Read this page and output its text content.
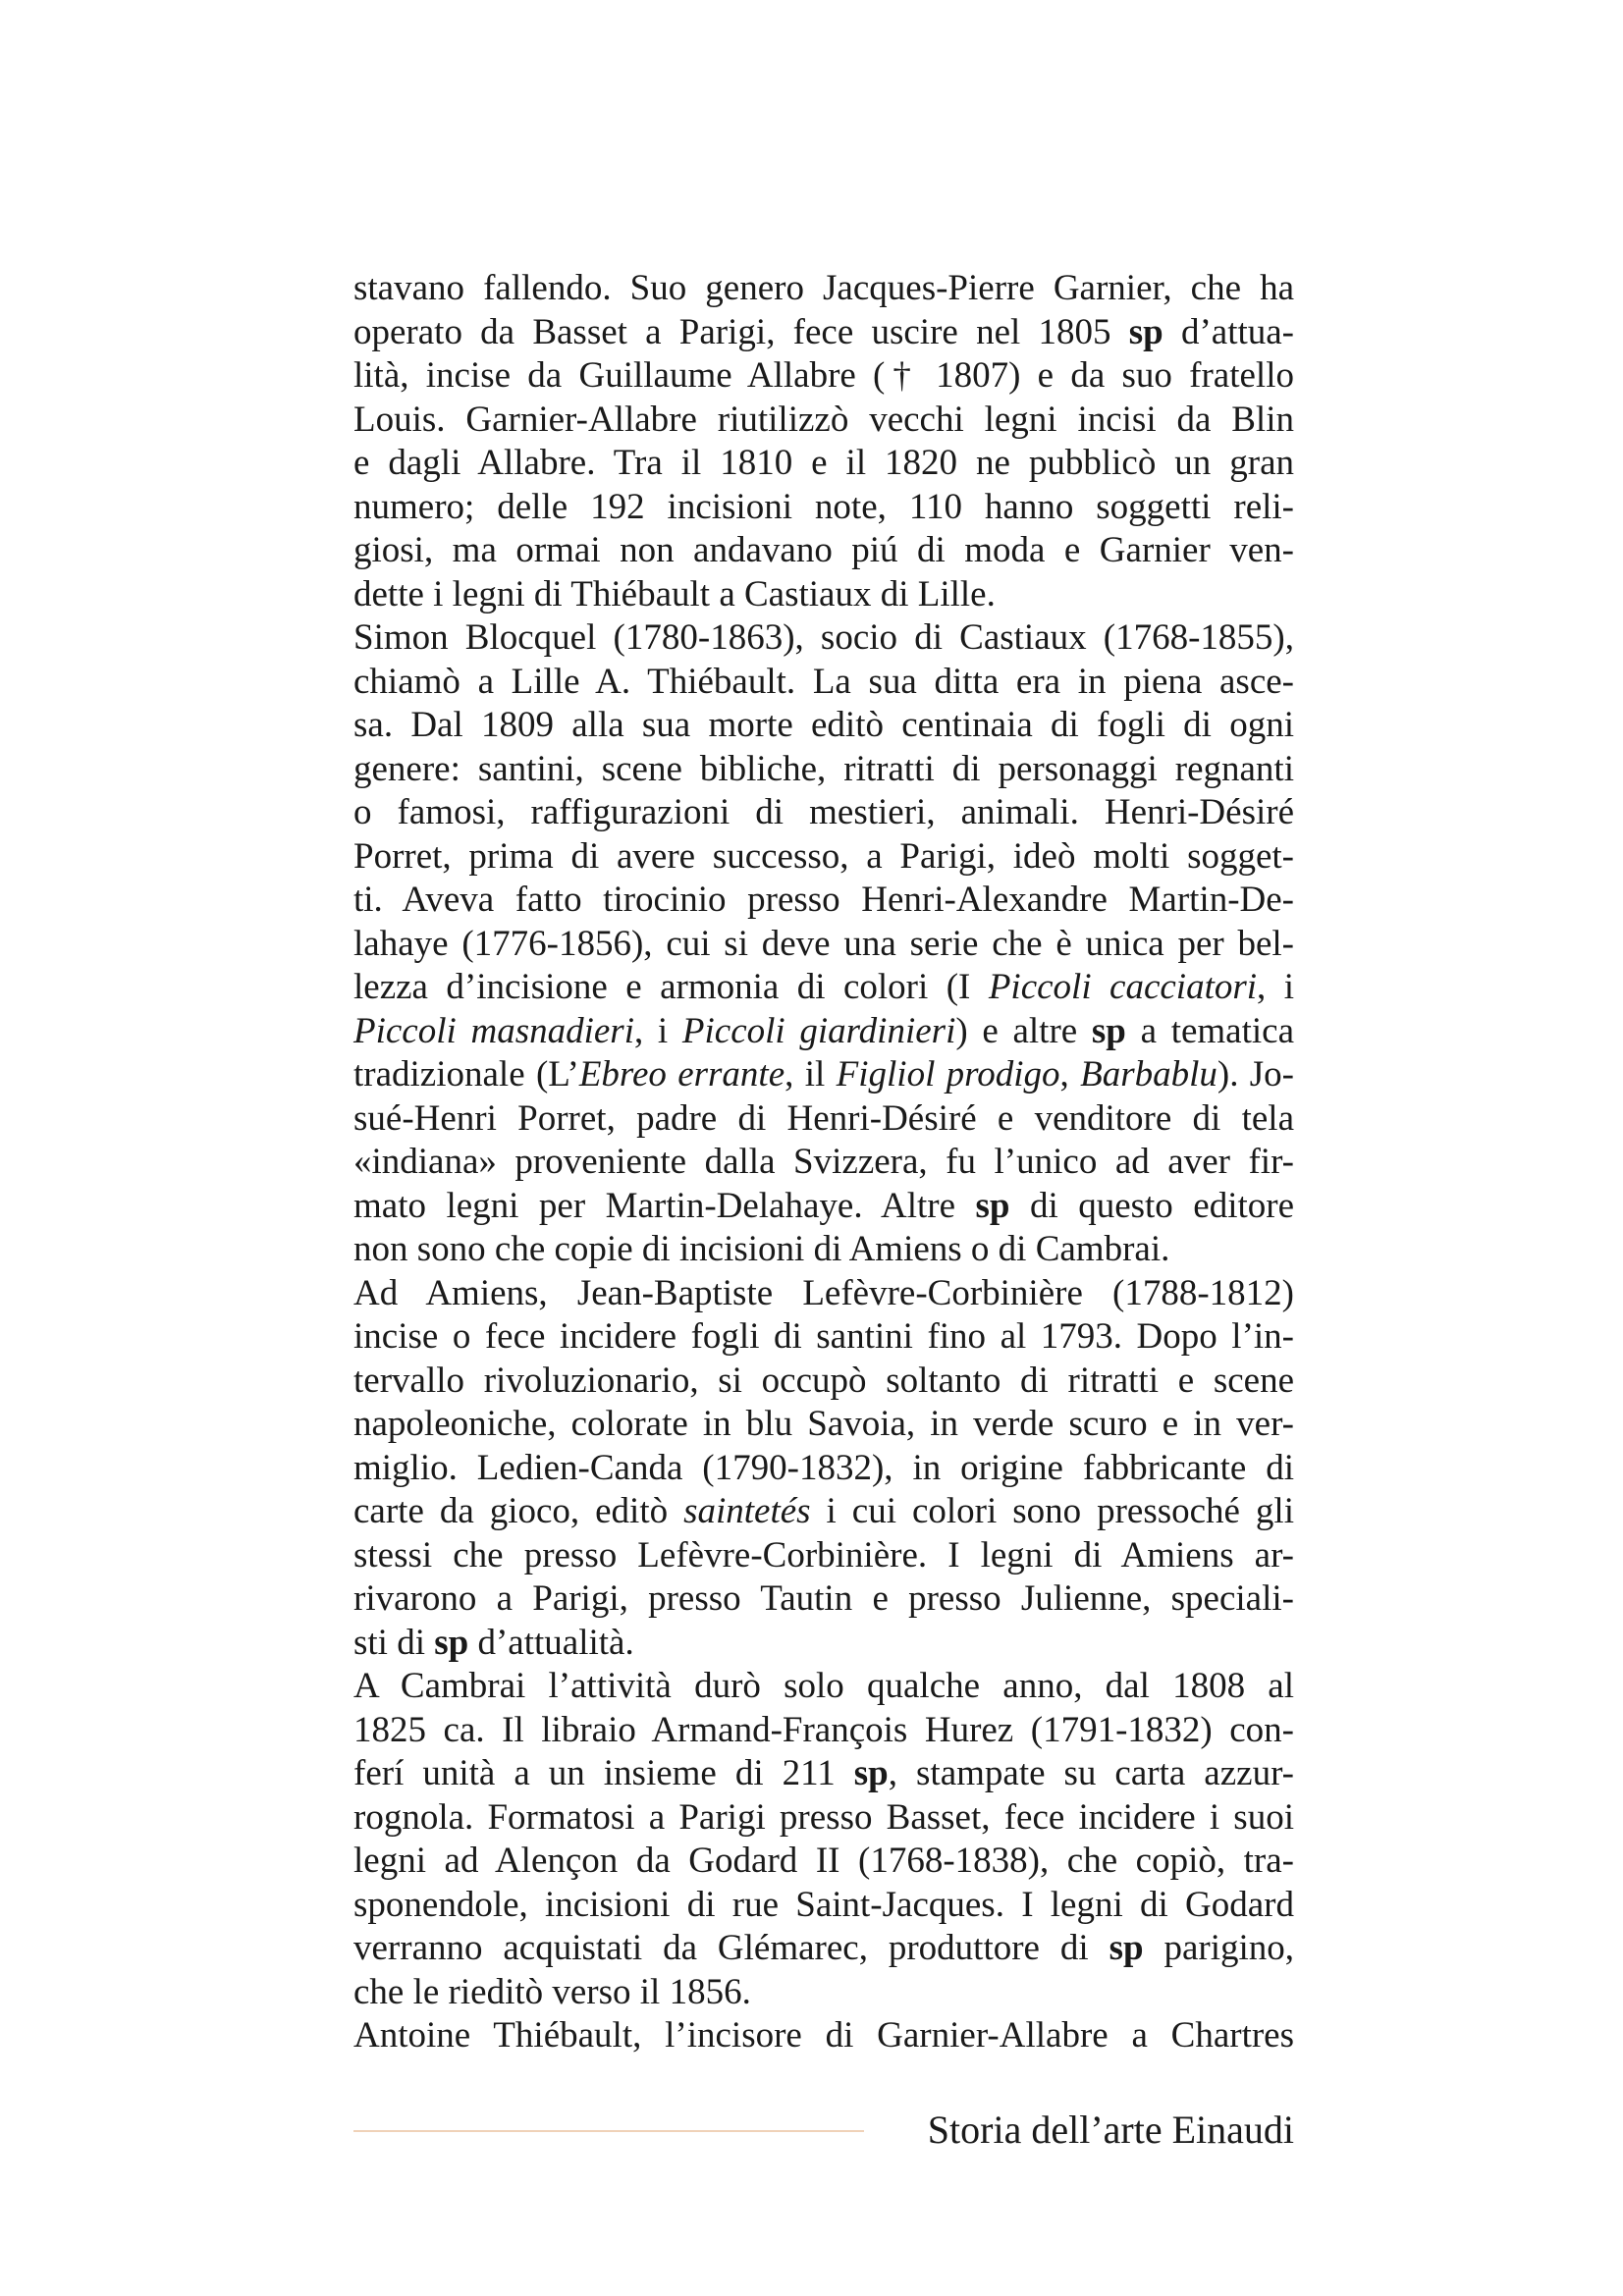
stavano fallendo. Suo genero Jacques-Pierre Garnier, che ha
operato da Basset a Parigi, fece uscire nel 1805 sp d’attua-
lità, incise da Guillaume Allabre († 1807) e da suo fratello
Louis. Garnier-Allabre riutilizzò vecchi legni incisi da Blin
e dagli Allabre. Tra il 1810 e il 1820 ne pubblicò un gran
numero; delle 192 incisioni note, 110 hanno soggetti reli-
giosi, ma ormai non andavano piú di moda e Garnier ven-
dette i legni di Thiébault a Castiaux di Lille.
Simon Blocquel (1780-1863), socio di Castiaux (1768-1855),
chiamò a Lille A. Thiébault. La sua ditta era in piena asce-
sa. Dal 1809 alla sua morte editò centinaia di fogli di ogni
genere: santini, scene bibliche, ritratti di personaggi regnanti
o famosi, raffigurazioni di mestieri, animali. Henri-Désiré
Porret, prima di avere successo, a Parigi, ideò molti sogget-
ti. Aveva fatto tirocinio presso Henri-Alexandre Martin-De-
lahaye (1776-1856), cui si deve una serie che è unica per bel-
lezza d’incisione e armonia di colori (I Piccoli cacciatori, i
Piccoli masnadieri, i Piccoli giardinieri) e altre sp a tematica
tradizionale (L’Ebreo errante, il Figliol prodigo, Barbablu). Jo-
sué-Henri Porret, padre di Henri-Désiré e venditore di tela
«indiana» proveniente dalla Svizzera, fu l’unico ad aver fir-
mato legni per Martin-Delahaye. Altre sp di questo editore
non sono che copie di incisioni di Amiens o di Cambrai.
Ad Amiens, Jean-Baptiste Lefèvre-Corbinière (1788-1812)
incise o fece incidere fogli di santini fino al 1793. Dopo l’in-
tervallo rivoluzionario, si occupò soltanto di ritratti e scene
napoleoniche, colorate in blu Savoia, in verde scuro e in ver-
miglio. Ledien-Canda (1790-1832), in origine fabbricante di
carte da gioco, editò saintetés i cui colori sono pressoché gli
stessi che presso Lefèvre-Corbinière. I legni di Amiens ar-
rivarono a Parigi, presso Tautin e presso Julienne, speciali-
sti di sp d’attualità.
A Cambrai l’attività durò solo qualche anno, dal 1808 al
1825 ca. Il libraio Armand-François Hurez (1791-1832) con-
ferí unità a un insieme di 211 sp, stampate su carta azzur-
rognola. Formatosi a Parigi presso Basset, fece incidere i suoi
legni ad Alençon da Godard II (1768-1838), che copiò, tra-
sponendole, incisioni di rue Saint-Jacques. I legni di Godard
verranno acquistati da Glémarec, produttore di sp parigino,
che le rieditò verso il 1856.
Antoine Thiébault, l’incisore di Garnier-Allabre a Chartres
Storia dell’arte Einaudi
